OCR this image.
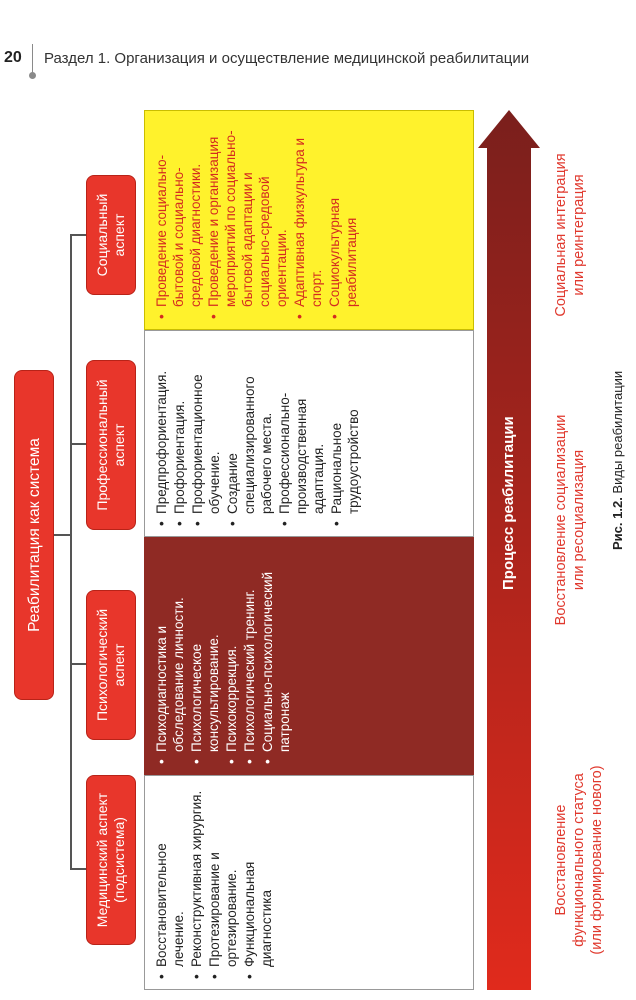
20 Раздел 1. Организация и осуществление медицинской реабилитации
Реабилитация как система
Медицинский аспект (подсистема)
Психологический аспект
Профессиональный аспект
Социальный аспект
• Восстановительное лечение. • Реконструктивная хирургия. • Протезирование и ортезирование. • Функциональная диагностика
• Психодиагностика и обследование личности. • Психологическое консультирование. • Психокоррекция. • Психологический тренинг. • Социально-психологический патронаж
• Предпрофориентация. • Профориентация. • Профориентационное обучение. • Создание специализированного рабочего места. • Профессионально-производственная адаптация. • Рациональное трудоустройство
• Проведение социально-бытовой и социально-средовой диагностики. • Проведение и организация мероприятий по социально-бытовой адаптации и социально-средовой ориентации. • Адаптивная физкультура и спорт. • Социокультурная реабилитация
Процесс реабилитации
Восстановление функционального статуса (или формирование нового)
Восстановление социализации или ресоциализация
Социальная интеграция или реинтеграция
Рис. 1.2. Виды реабилитации
